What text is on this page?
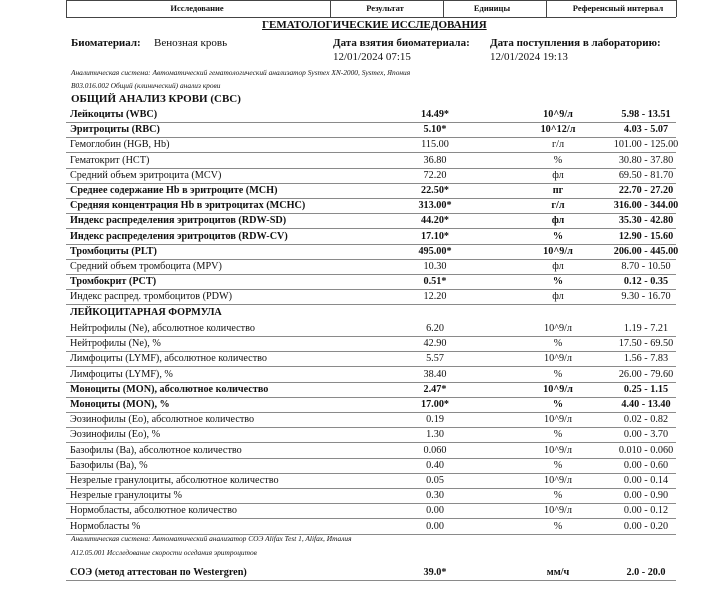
Исследование	Результат	Единицы	Референсный интервал
ГЕМАТОЛОГИЧЕСКИЕ ИССЛЕДОВАНИЯ
Биоматериал: Венозная кровь	Дата взятия биоматериала:
12/01/2024 07:15
Дата поступления в лабораторию:
12/01/2024 19:13
Аналитическая система: Автоматический гематологический анализатор Sysmex XN-2000, Sysmex, Япония
B03.016.002 Общий (клинический) анализ крови
ОБЩИЙ АНАЛИЗ КРОВИ (CBC)
Лейкоциты (WBC)	14.49*	10^9/л	5.98 - 13.51
Эритроциты (RBC)	5.10*	10^12/л	4.03 - 5.07
Гемоглобин (HGB, Hb)	115.00	г/л	101.00 - 125.00
Гематокрит (HCT)	36.80	%	30.80 - 37.80
Средний объем эритроцита (MCV)	72.20	фл	69.50 - 81.70
Среднее содержание Hb в эритроците (MCH)	22.50*	пг	22.70 - 27.20
Средняя концентрация Hb в эритроцитах (MCHC)	313.00*	г/л	316.00 - 344.00
Индекс распределения эритроцитов (RDW-SD)	44.20*	фл	35.30 - 42.80
Индекс распределения эритроцитов (RDW-CV)	17.10*	%	12.90 - 15.60
Тромбоциты (PLT)	495.00*	10^9/л	206.00 - 445.00
Средний объем тромбоцита (MPV)	10.30	фл	8.70 - 10.50
Тромбокрит (PCT)	0.51*	%	0.12 - 0.35
Индекс распред. тромбоцитов (PDW)	12.20	фл	9.30 - 16.70
ЛЕЙКОЦИТАРНАЯ ФОРМУЛА
Нейтрофилы (Ne), абсолютное количество	6.20	10^9/л	1.19 - 7.21
Нейтрофилы (Ne), %	42.90	%	17.50 - 69.50
Лимфоциты (LYMF), абсолютное количество	5.57	10^9/л	1.56 - 7.83
Лимфоциты (LYMF), %	38.40	%	26.00 - 79.60
Моноциты (MON), абсолютное количество	2.47*	10^9/л	0.25 - 1.15
Моноциты (MON), %	17.00*	%	4.40 - 13.40
Эозинофилы (Eo), абсолютное количество	0.19	10^9/л	0.02 - 0.82
Эозинофилы (Eo), %	1.30	%	0.00 - 3.70
Базофилы (Ba), абсолютное количество	0.060	10^9/л	0.010 - 0.060
Базофилы (Ba), %	0.40	%	0.00 - 0.60
Незрелые гранулоциты, абсолютное количество	0.05	10^9/л	0.00 - 0.14
Незрелые гранулоциты %	0.30	%	0.00 - 0.90
Нормобласты, абсолютное количество	0.00	10^9/л	0.00 - 0.12
Нормобласты %	0.00	%	0.00 - 0.20
Аналитическая система: Автоматический анализатор СОЭ Alifax Test 1, Alifax, Италия
A12.05.001 Исследование скорости оседания эритроцитов
СОЭ (метод аттестован по Westergren)	39.0*	мм/ч	2.0 - 20.0
